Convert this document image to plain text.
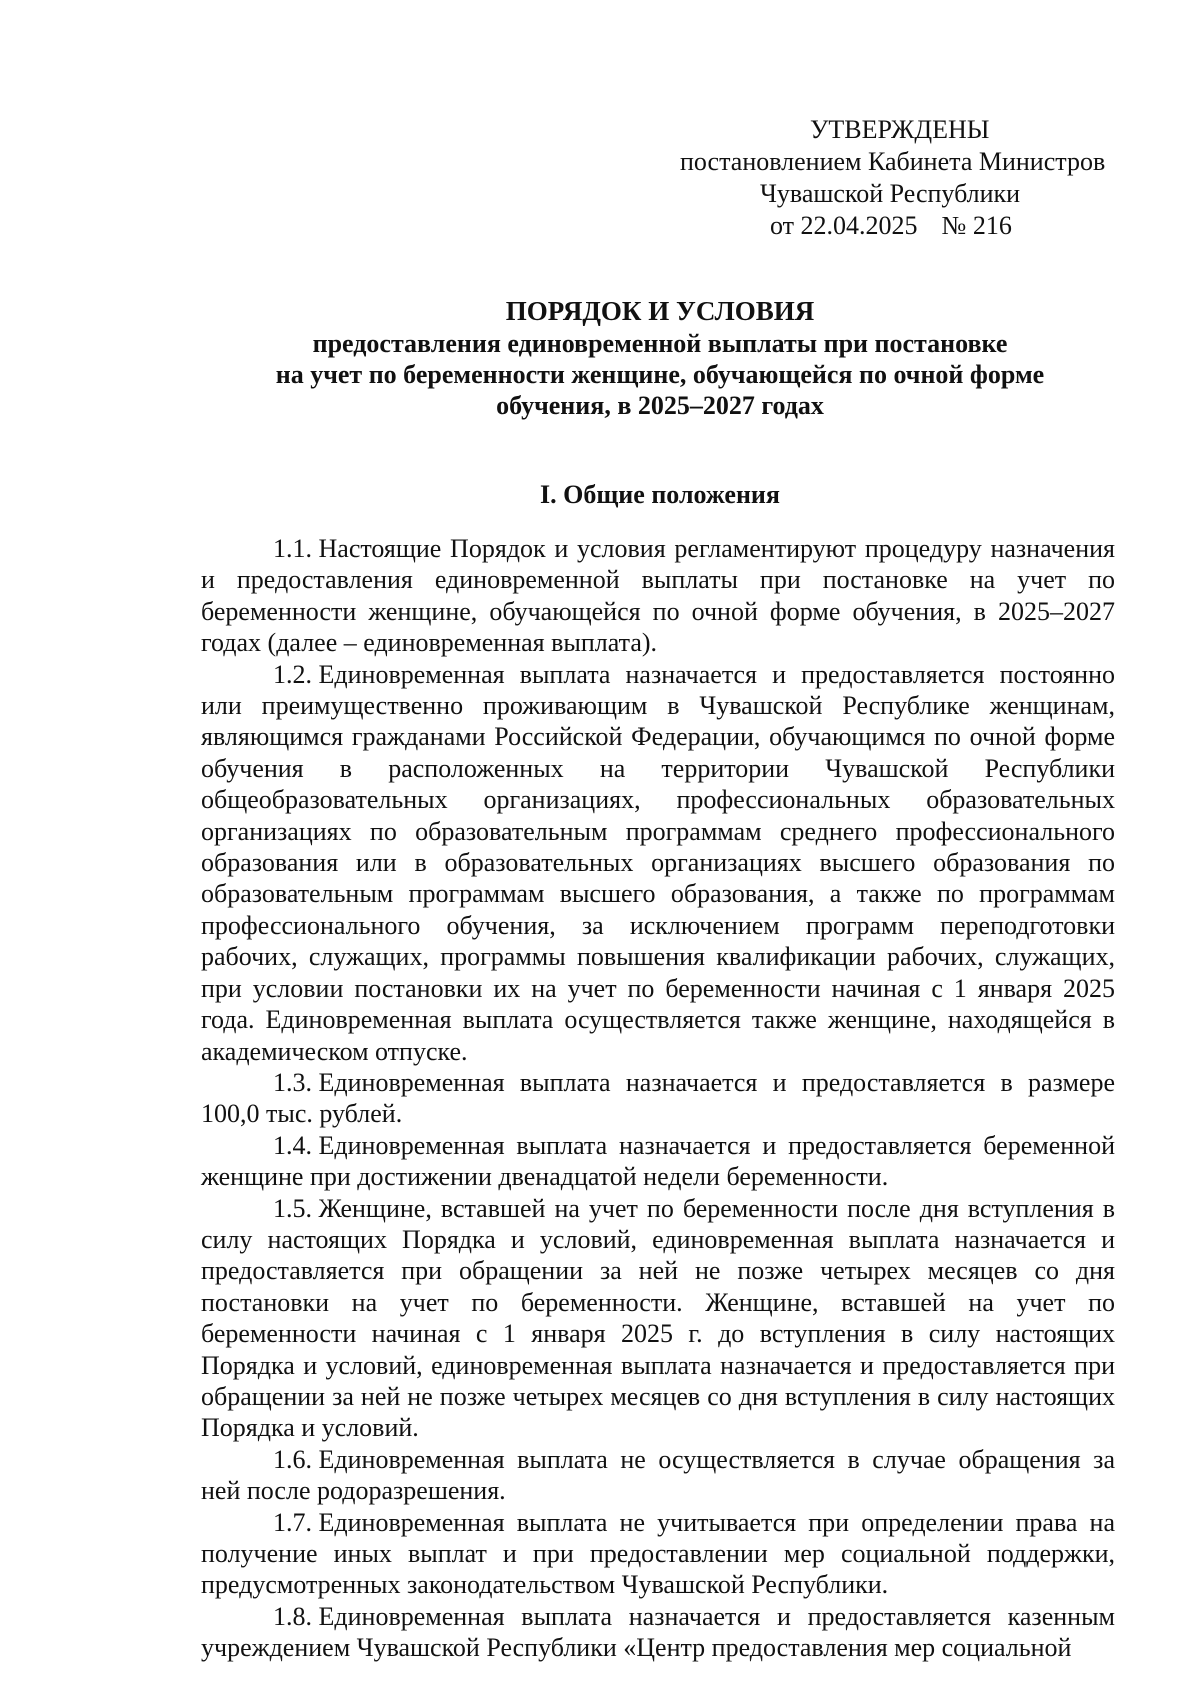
УТВЕРЖДЕНЫ
постановлением Кабинета Министров
Чувашской Республики
от 22.04.2025 № 216
ПОРЯДОК И УСЛОВИЯ
предоставления единовременной выплаты при постановке
на учет по беременности женщине, обучающейся по очной форме
обучения, в 2025–2027 годах
I. Общие положения

1.1. Настоящие Порядок и условия регламентируют процедуру назначения и предоставления единовременной выплаты при постановке на учет по беременности женщине, обучающейся по очной форме обучения, в 2025–2027 годах (далее – единовременная выплата).

1.2. Единовременная выплата назначается и предоставляется постоянно или преимущественно проживающим в Чувашской Республике женщинам, являющимся гражданами Российской Федерации, обучающимся по очной форме обучения в расположенных на территории Чувашской Республики общеобразовательных организациях, профессиональных образовательных организациях по образовательным программам среднего профессионального образования или в образовательных организациях высшего образования по образовательным программам высшего образования, а также по программам профессионального обучения, за исключением программ переподготовки рабочих, служащих, программы повышения квалификации рабочих, служащих, при условии постановки их на учет по беременности начиная с 1 января 2025 года. Единовременная выплата осуществляется также женщине, находящейся в академическом отпуске.

1.3. Единовременная выплата назначается и предоставляется в размере 100,0 тыс. рублей.

1.4. Единовременная выплата назначается и предоставляется беременной женщине при достижении двенадцатой недели беременности.

1.5. Женщине, вставшей на учет по беременности после дня вступления в силу настоящих Порядка и условий, единовременная выплата назначается и предоставляется при обращении за ней не позже четырех месяцев со дня постановки на учет по беременности. Женщине, вставшей на учет по беременности начиная с 1 января 2025 г. до вступления в силу настоящих Порядка и условий, единовременная выплата назначается и предоставляется при обращении за ней не позже четырех месяцев со дня вступления в силу настоящих Порядка и условий.

1.6. Единовременная выплата не осуществляется в случае обращения за ней после родоразрешения.

1.7. Единовременная выплата не учитывается при определении права на получение иных выплат и при предоставлении мер социальной поддержки, предусмотренных законодательством Чувашской Республики.

1.8. Единовременная выплата назначается и предоставляется казенным учреждением Чувашской Республики «Центр предоставления мер социальной
